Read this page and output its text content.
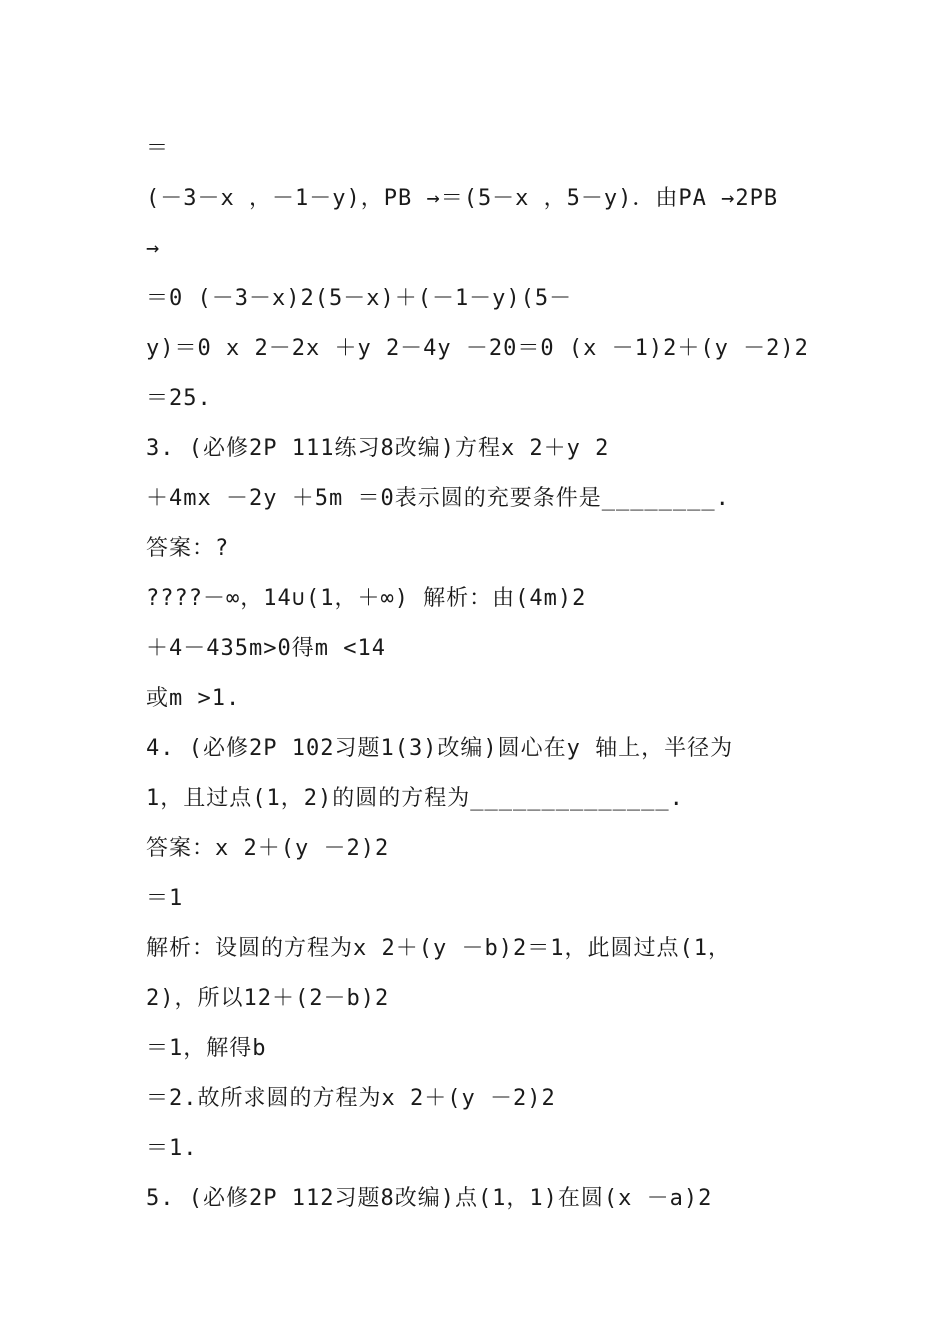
＝
(－3－x ，－1－y)，PB →＝(5－x ，5－y)．由PA →2PB
→
＝0 (－3－x)2(5－x)＋(－1－y)(5－
y)＝0 x 2－2x ＋y 2－4y －20＝0 (x －1)2＋(y －2)2
＝25.
3. (必修2P 111练习8改编)方程x 2＋y 2
＋4mx －2y ＋5m ＝0表示圆的充要条件是________.
答案：?
????－∞，14∪(1，＋∞) 解析：由(4m)2
＋4－435m>0得m <14
或m >1.
4. (必修2P 102习题1(3)改编)圆心在y 轴上，半径为
1，且过点(1，2)的圆的方程为______________.
答案：x 2＋(y －2)2
＝1
解析：设圆的方程为x 2＋(y －b)2＝1，此圆过点(1，
2)，所以12＋(2－b)2
＝1，解得b
＝2.故所求圆的方程为x 2＋(y －2)2
＝1.
5. (必修2P 112习题8改编)点(1，1)在圆(x －a)2
